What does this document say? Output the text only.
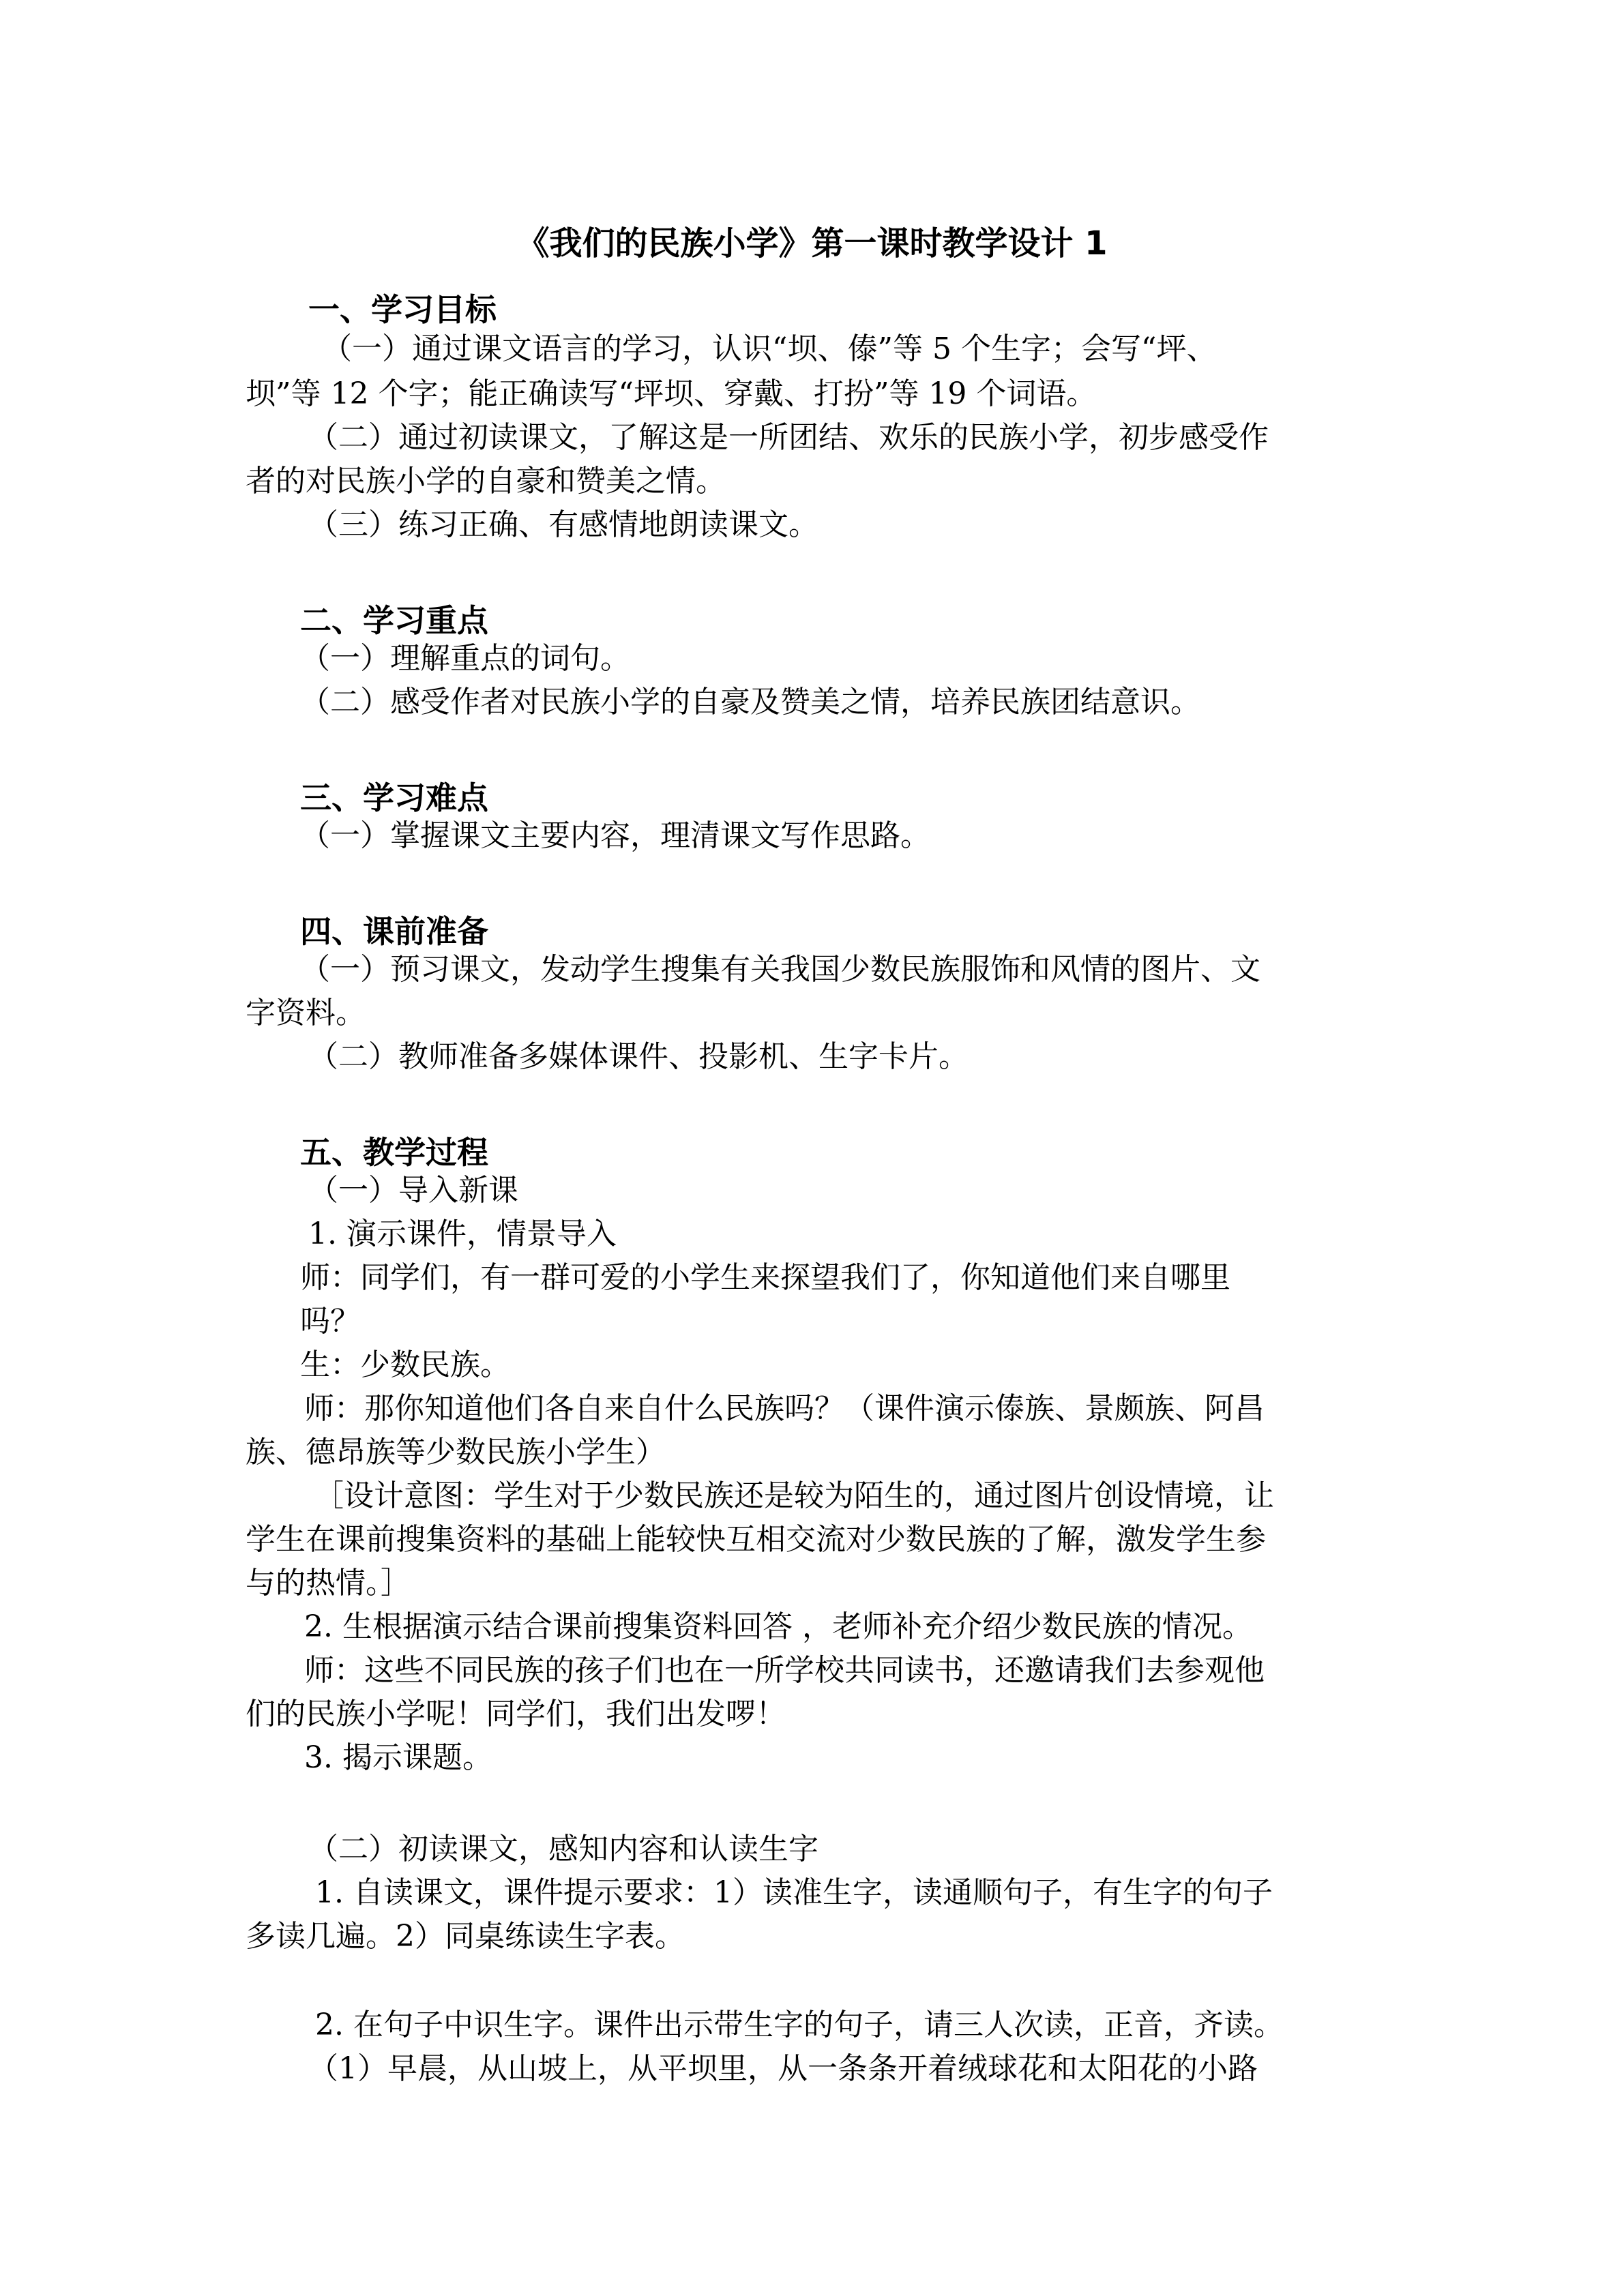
《我们的民族小学》第一课时教学设计 1
一、学习目标
（一）通过课文语言的学习，认识“坝、傣”等 5 个生字；会写“坪、
坝”等 12 个字；能正确读写“坪坝、穿戴、打扮”等 19 个词语。
（二）通过初读课文，了解这是一所团结、欢乐的民族小学，初步感受作
者的对民族小学的自豪和赞美之情。
（三）练习正确、有感情地朗读课文。
二、学习重点
（一）理解重点的词句。
（二）感受作者对民族小学的自豪及赞美之情，培养民族团结意识。
三、学习难点
（一）掌握课文主要内容，理清课文写作思路。
四、课前准备
（一）预习课文，发动学生搜集有关我国少数民族服饰和风情的图片、文
字资料。
（二）教师准备多媒体课件、投影机、生字卡片。
五、教学过程
（一）导入新课
1. 演示课件，情景导入
师：同学们，有一群可爱的小学生来探望我们了，你知道他们来自哪里
吗？
生：少数民族。
师：那你知道他们各自来自什么民族吗？（课件演示傣族、景颇族、阿昌
族、德昂族等少数民族小学生）
［设计意图：学生对于少数民族还是较为陌生的，通过图片创设情境，让
学生在课前搜集资料的基础上能较快互相交流对少数民族的了解，激发学生参
与的热情。］
2. 生根据演示结合课前搜集资料回答 ，老师补充介绍少数民族的情况。
师：这些不同民族的孩子们也在一所学校共同读书，还邀请我们去参观他
们的民族小学呢！同学们，我们出发啰！
3. 揭示课题。
（二）初读课文，感知内容和认读生字
1. 自读课文，课件提示要求：1）读准生字，读通顺句子，有生字的句子
多读几遍。2）同桌练读生字表。
2. 在句子中识生字。课件出示带生字的句子，请三人次读，正音，齐读。
（1）早晨，从山坡上，从平坝里，从一条条开着绒球花和太阳花的小路
